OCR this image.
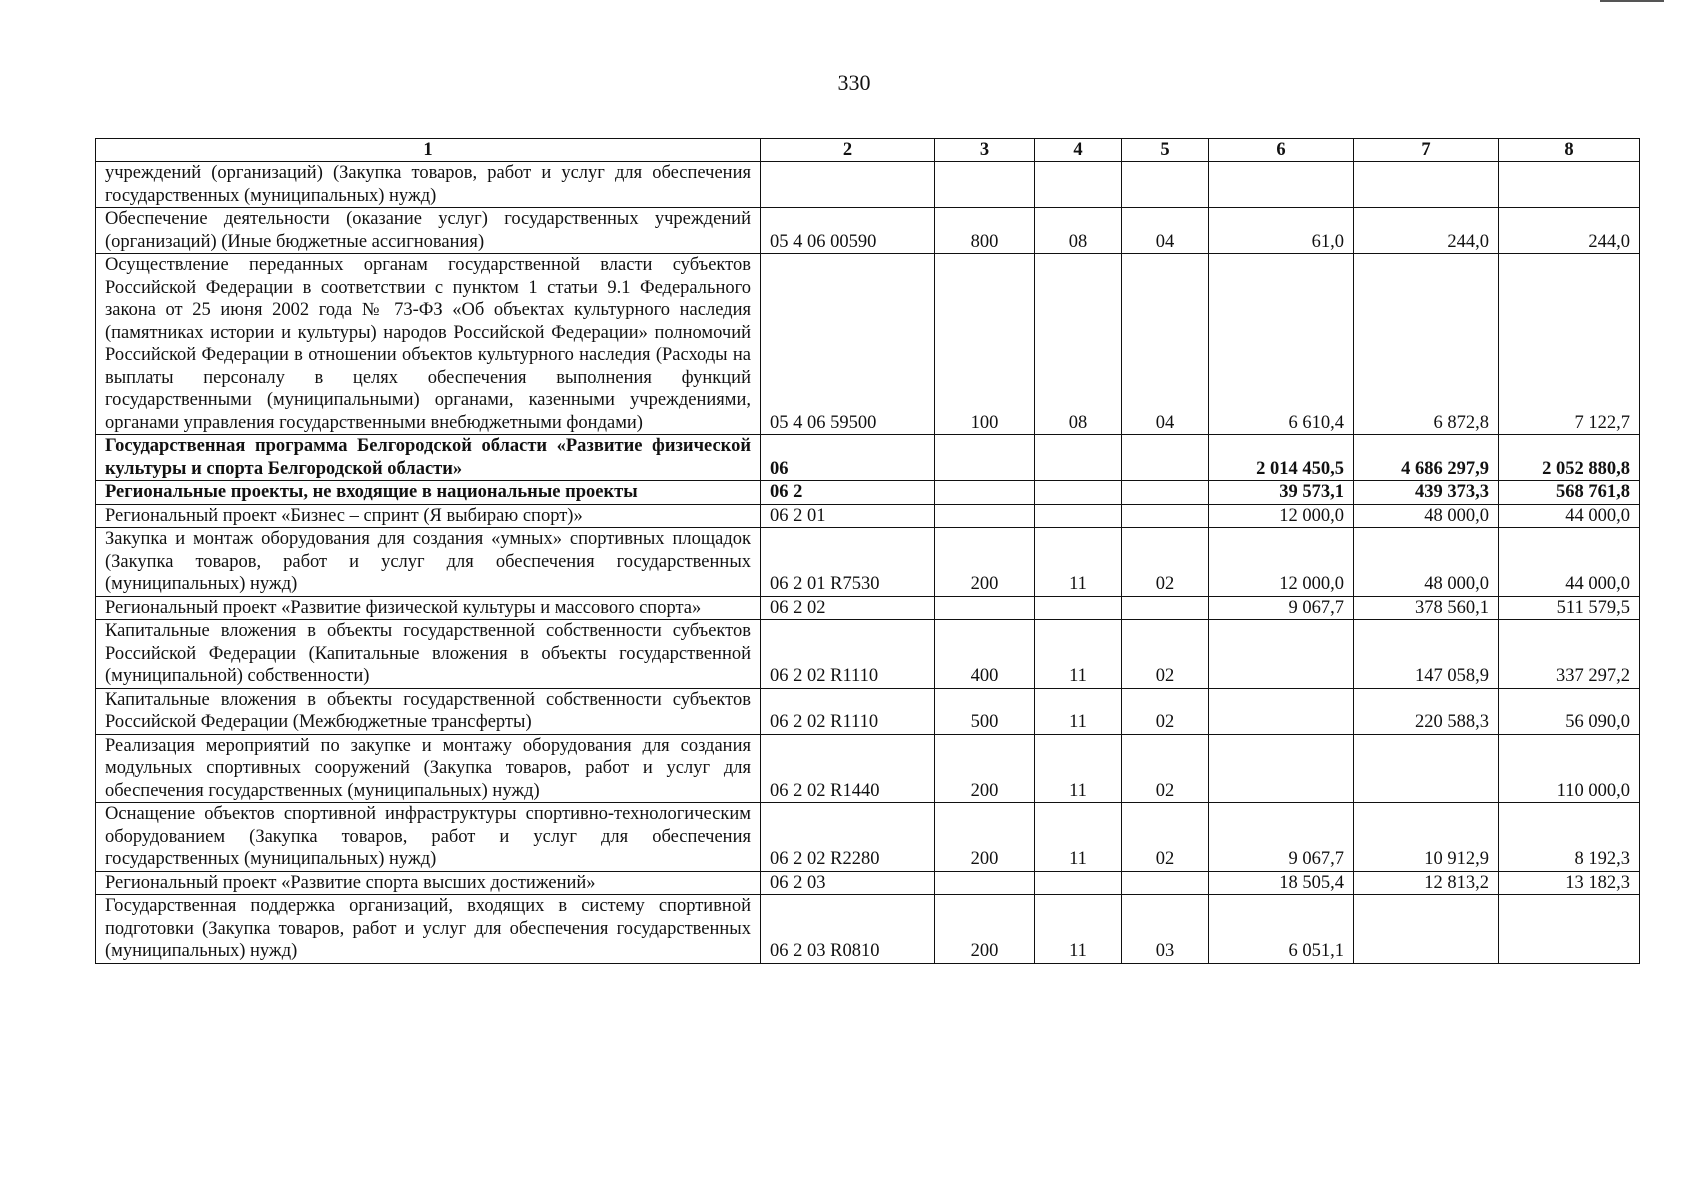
330
1	2	3	4	5	6	7	8
учреждений (организаций) (Закупка товаров, работ и услуг для обеспечения государственных (муниципальных) нужд)							
Обеспечение деятельности (оказание услуг) государственных учреждений (организаций) (Иные бюджетные ассигнования)	05 4 06 00590	800	08	04	61,0	244,0	244,0
Осуществление переданных органам государственной власти субъектов Российской Федерации в соответствии с пунктом 1 статьи 9.1 Федерального закона от 25 июня 2002 года № 73-ФЗ «Об объектах культурного наследия (памятниках истории и культуры) народов Российской Федерации» полномочий Российской Федерации в отношении объектов культурного наследия (Расходы на выплаты персоналу в целях обеспечения выполнения функций государственными (муниципальными) органами, казенными учреждениями, органами управления государственными внебюджетными фондами)	05 4 06 59500	100	08	04	6 610,4	6 872,8	7 122,7
Государственная программа Белгородской области «Развитие физической культуры и спорта Белгородской области»	06				2 014 450,5	4 686 297,9	2 052 880,8
Региональные проекты, не входящие в национальные проекты	06 2				39 573,1	439 373,3	568 761,8
Региональный проект «Бизнес – спринт (Я выбираю спорт)»	06 2 01				12 000,0	48 000,0	44 000,0
Закупка и монтаж оборудования для создания «умных» спортивных площадок (Закупка товаров, работ и услуг для обеспечения государственных (муниципальных) нужд)	06 2 01 R7530	200	11	02	12 000,0	48 000,0	44 000,0
Региональный проект «Развитие физической культуры и массового спорта»	06 2 02				9 067,7	378 560,1	511 579,5
Капитальные вложения в объекты государственной собственности субъектов Российской Федерации (Капитальные вложения в объекты государственной (муниципальной) собственности)	06 2 02 R1110	400	11	02		147 058,9	337 297,2
Капитальные вложения в объекты государственной собственности субъектов Российской Федерации (Межбюджетные трансферты)	06 2 02 R1110	500	11	02		220 588,3	56 090,0
Реализация мероприятий по закупке и монтажу оборудования для создания модульных спортивных сооружений (Закупка товаров, работ и услуг для обеспечения государственных (муниципальных) нужд)	06 2 02 R1440	200	11	02			110 000,0
Оснащение объектов спортивной инфраструктуры спортивно-технологическим оборудованием (Закупка товаров, работ и услуг для обеспечения государственных (муниципальных) нужд)	06 2 02 R2280	200	11	02	9 067,7	10 912,9	8 192,3
Региональный проект «Развитие спорта высших достижений»	06 2 03				18 505,4	12 813,2	13 182,3
Государственная поддержка организаций, входящих в систему спортивной подготовки (Закупка товаров, работ и услуг для обеспечения государственных (муниципальных) нужд)	06 2 03 R0810	200	11	03	6 051,1		
